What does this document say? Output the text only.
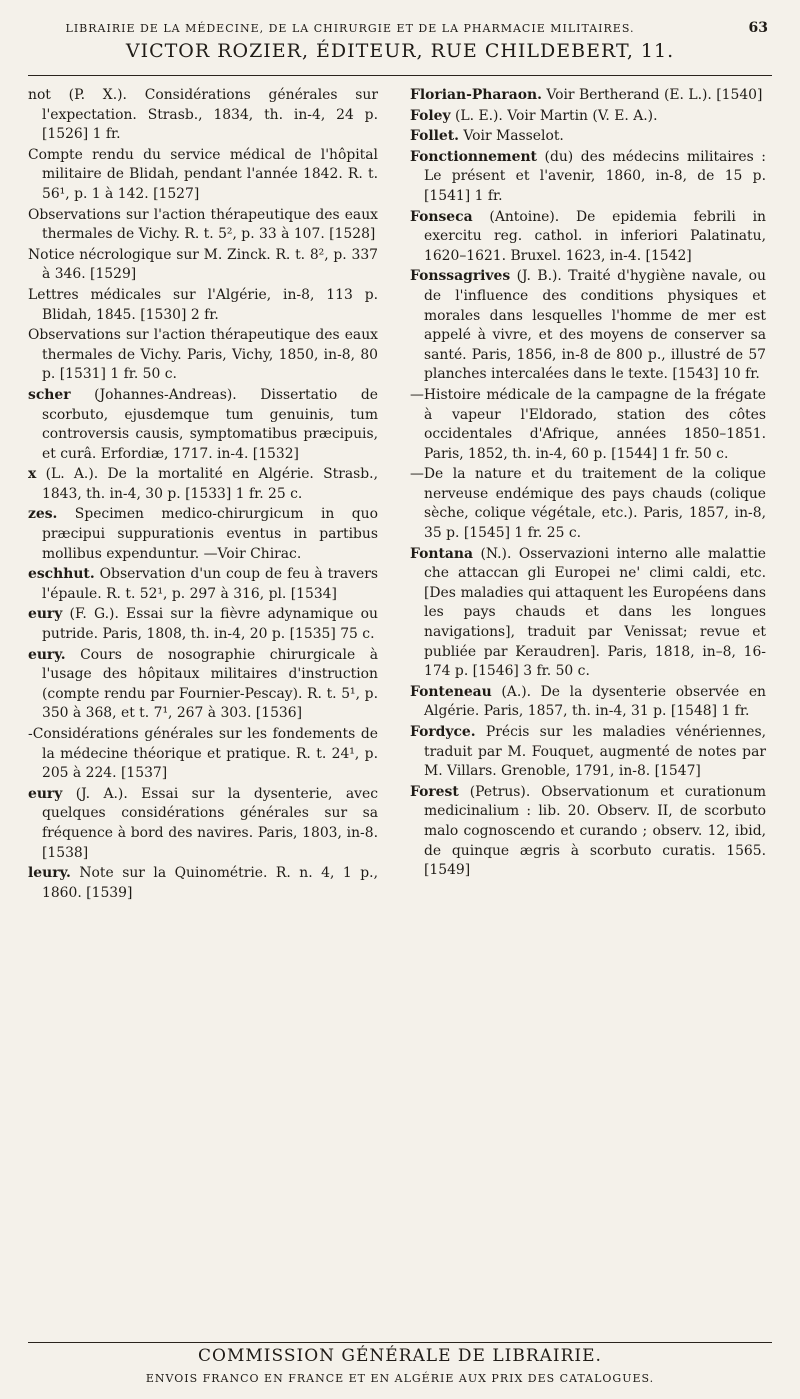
LIBRAIRIE DE LA MÉDECINE, DE LA CHIRURGIE ET DE LA PHARMACIE MILITAIRES.	63
VICTOR ROZIER, ÉDITEUR, RUE CHILDEBERT, 11.

not (P. X.). Considérations générales sur l'expectation. Strasb., 1834, th. in-4, 24 p. [1526] 1 fr.

Compte rendu du service médical de l'hôpital militaire de Blidah, pendant l'année 1842. R. t. 56¹, p. 1 à 142. [1527]

Observations sur l'action thérapeutique des eaux thermales de Vichy. R. t. 5², p. 33 à 107. [1528]

Notice nécrologique sur M. Zinck. R. t. 8², p. 337 à 346. [1529]

Lettres médicales sur l'Algérie, in-8, 113 p. Blidah, 1845. [1530] 2 fr.

Observations sur l'action thérapeutique des eaux thermales de Vichy. Paris, Vichy, 1850, in-8, 80 p. [1531] 1 fr. 50 c.

scher (Johannes-Andreas). Dissertatio de scorbuto, ejusdemque tum genuinis, tum controversis causis, symptomatibus præcipuis, et curâ. Erfordiæ, 1717. in-4. [1532]

x (L. A.). De la mortalité en Algérie. Strasb., 1843, th. in-4, 30 p. [1533] 1 fr. 25 c.

zes. Specimen medico-chirurgicum in quo præcipui suppurationis eventus in partibus mollibus expenduntur. —Voir Chirac.

eschhut. Observation d'un coup de feu à travers l'épaule. R. t. 52¹, p. 297 à 316, pl. [1534]

eury (F. G.). Essai sur la fièvre adynamique ou putride. Paris, 1808, th. in-4, 20 p. [1535] 75 c.

eury. Cours de nosographie chirurgicale à l'usage des hôpitaux militaires d'instruction (compte rendu par Fournier-Pescay). R. t. 5¹, p. 350 à 368, et t. 7¹, 267 à 303. [1536]

-Considérations générales sur les fondements de la médecine théorique et pratique. R. t. 24¹, p. 205 à 224. [1537]

eury (J. A.). Essai sur la dysenterie, avec quelques considérations générales sur sa fréquence à bord des navires. Paris, 1803, in-8. [1538]

leury. Note sur la Quinométrie. R. n. 4, 1 p., 1860. [1539]

Florian-Pharaon. Voir Bertherand (E. L.). [1540]

Foley (L. E.). Voir Martin (V. E. A.).

Follet. Voir Masselot.

Fonctionnement (du) des médecins militaires : Le présent et l'avenir, 1860, in-8, de 15 p. [1541] 1 fr.

Fonseca (Antoine). De epidemia febrili in exercitu reg. cathol. in inferiori Palatinatu, 1620–1621. Bruxel. 1623, in-4. [1542]

Fonssagrives (J. B.). Traité d'hygiène navale, ou de l'influence des conditions physiques et morales dans lesquelles l'homme de mer est appelé à vivre, et des moyens de conserver sa santé. Paris, 1856, in-8 de 800 p., illustré de 57 planches intercalées dans le texte. [1543] 10 fr.

—Histoire médicale de la campagne de la frégate à vapeur l'Eldorado, station des côtes occidentales d'Afrique, années 1850–1851. Paris, 1852, th. in-4, 60 p. [1544] 1 fr. 50 c.

—De la nature et du traitement de la colique nerveuse endémique des pays chauds (colique sèche, colique végétale, etc.). Paris, 1857, in-8, 35 p. [1545] 1 fr. 25 c.

Fontana (N.). Osservazioni interno alle malattie che attaccan gli Europei ne' climi caldi, etc. [Des maladies qui attaquent les Européens dans les pays chauds et dans les longues navigations], traduit par Venissat; revue et publiée par Keraudren]. Paris, 1818, in–8, 16-174 p. [1546] 3 fr. 50 c.

Fonteneau (A.). De la dysenterie observée en Algérie. Paris, 1857, th. in-4, 31 p. [1548] 1 fr.

Fordyce. Précis sur les maladies vénériennes, traduit par M. Fouquet, augmenté de notes par M. Villars. Grenoble, 1791, in-8. [1547]

Forest (Petrus). Observationum et curationum medicinalium : lib. 20. Observ. II, de scorbuto malo cognoscendo et curando ; observ. 12, ibid, de quinque ægris à scorbuto curatis. 1565. [1549]

COMMISSION GÉNÉRALE DE LIBRAIRIE.
ENVOIS FRANCO EN FRANCE ET EN ALGÉRIE AUX PRIX DES CATALOGUES.
